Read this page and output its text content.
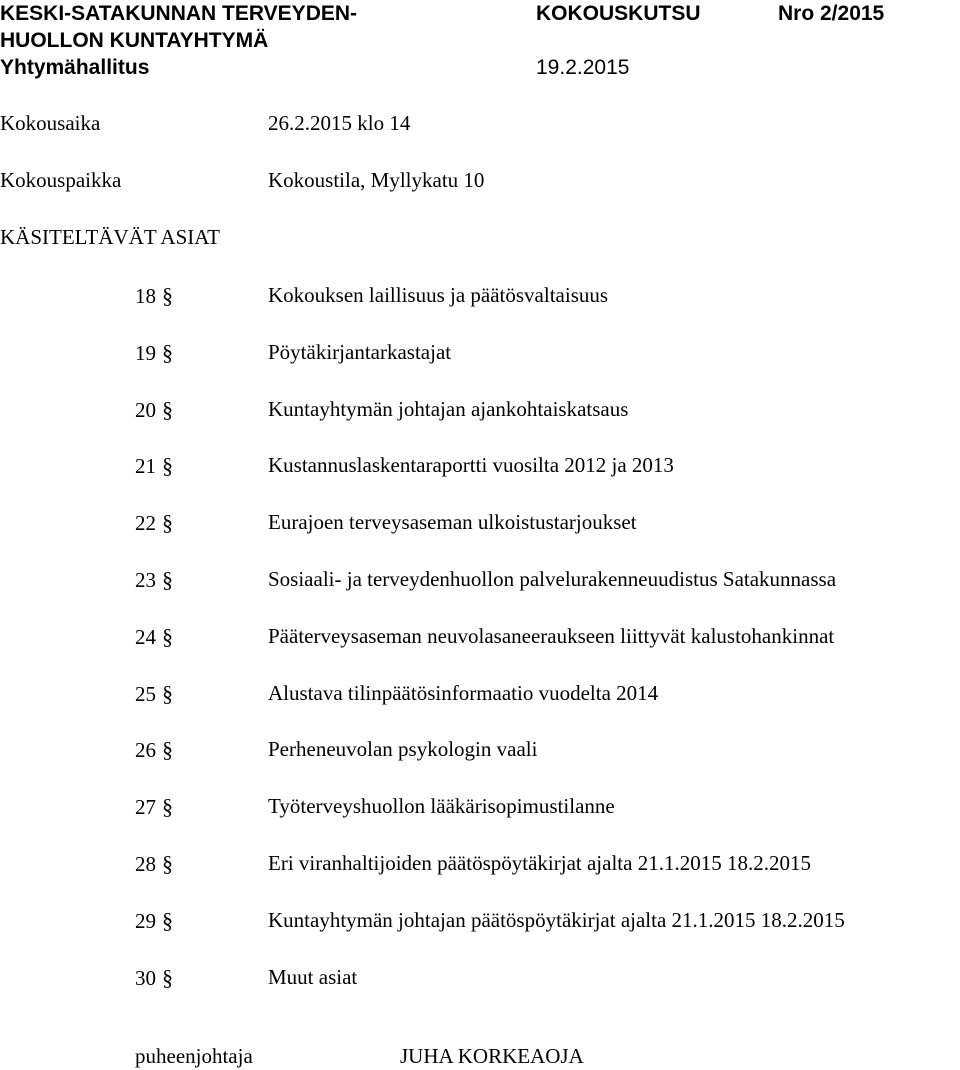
KESKI-SATAKUNNAN TERVEYDEN-
HUOLLON KUNTAYHTYMÄ
Yhtymähallitus
KOKOUSKUTSU	Nro 2/2015
19.2.2015
Kokousaika	26.2.2015 klo 14
Kokouspaikka	Kokoustila, Myllykatu 10
KÄSITELTÄVÄT ASIAT
18 §	Kokouksen laillisuus ja päätösvaltaisuus
19 §	Pöytäkirjantarkastajat
20 §	Kuntayhtymän johtajan ajankohtaiskatsaus
21 §	Kustannuslaskentaraportti vuosilta 2012 ja 2013
22 §	Eurajoen terveysaseman ulkoistustarjoukset
23 §	Sosiaali- ja terveydenhuollon palvelurakenneuudistus Satakunnassa
24 §	Pääterveysaseman neuvolasaneeraukseen liittyvät kalustohankinnat
25 §	Alustava tilinpäätösinformaatio vuodelta 2014
26 §	Perheneuvolan psykologin vaali
27 §	Työterveyshuollon lääkärisopimustilanne
28 §	Eri viranhaltijoiden päätöspöytäkirjat ajalta 21.1.2015 18.2.2015
29 §	Kuntayhtymän johtajan päätöspöytäkirjat ajalta 21.1.2015 18.2.2015
30 §	Muut asiat
puheenjohtaja	JUHA KORKEAOJA
